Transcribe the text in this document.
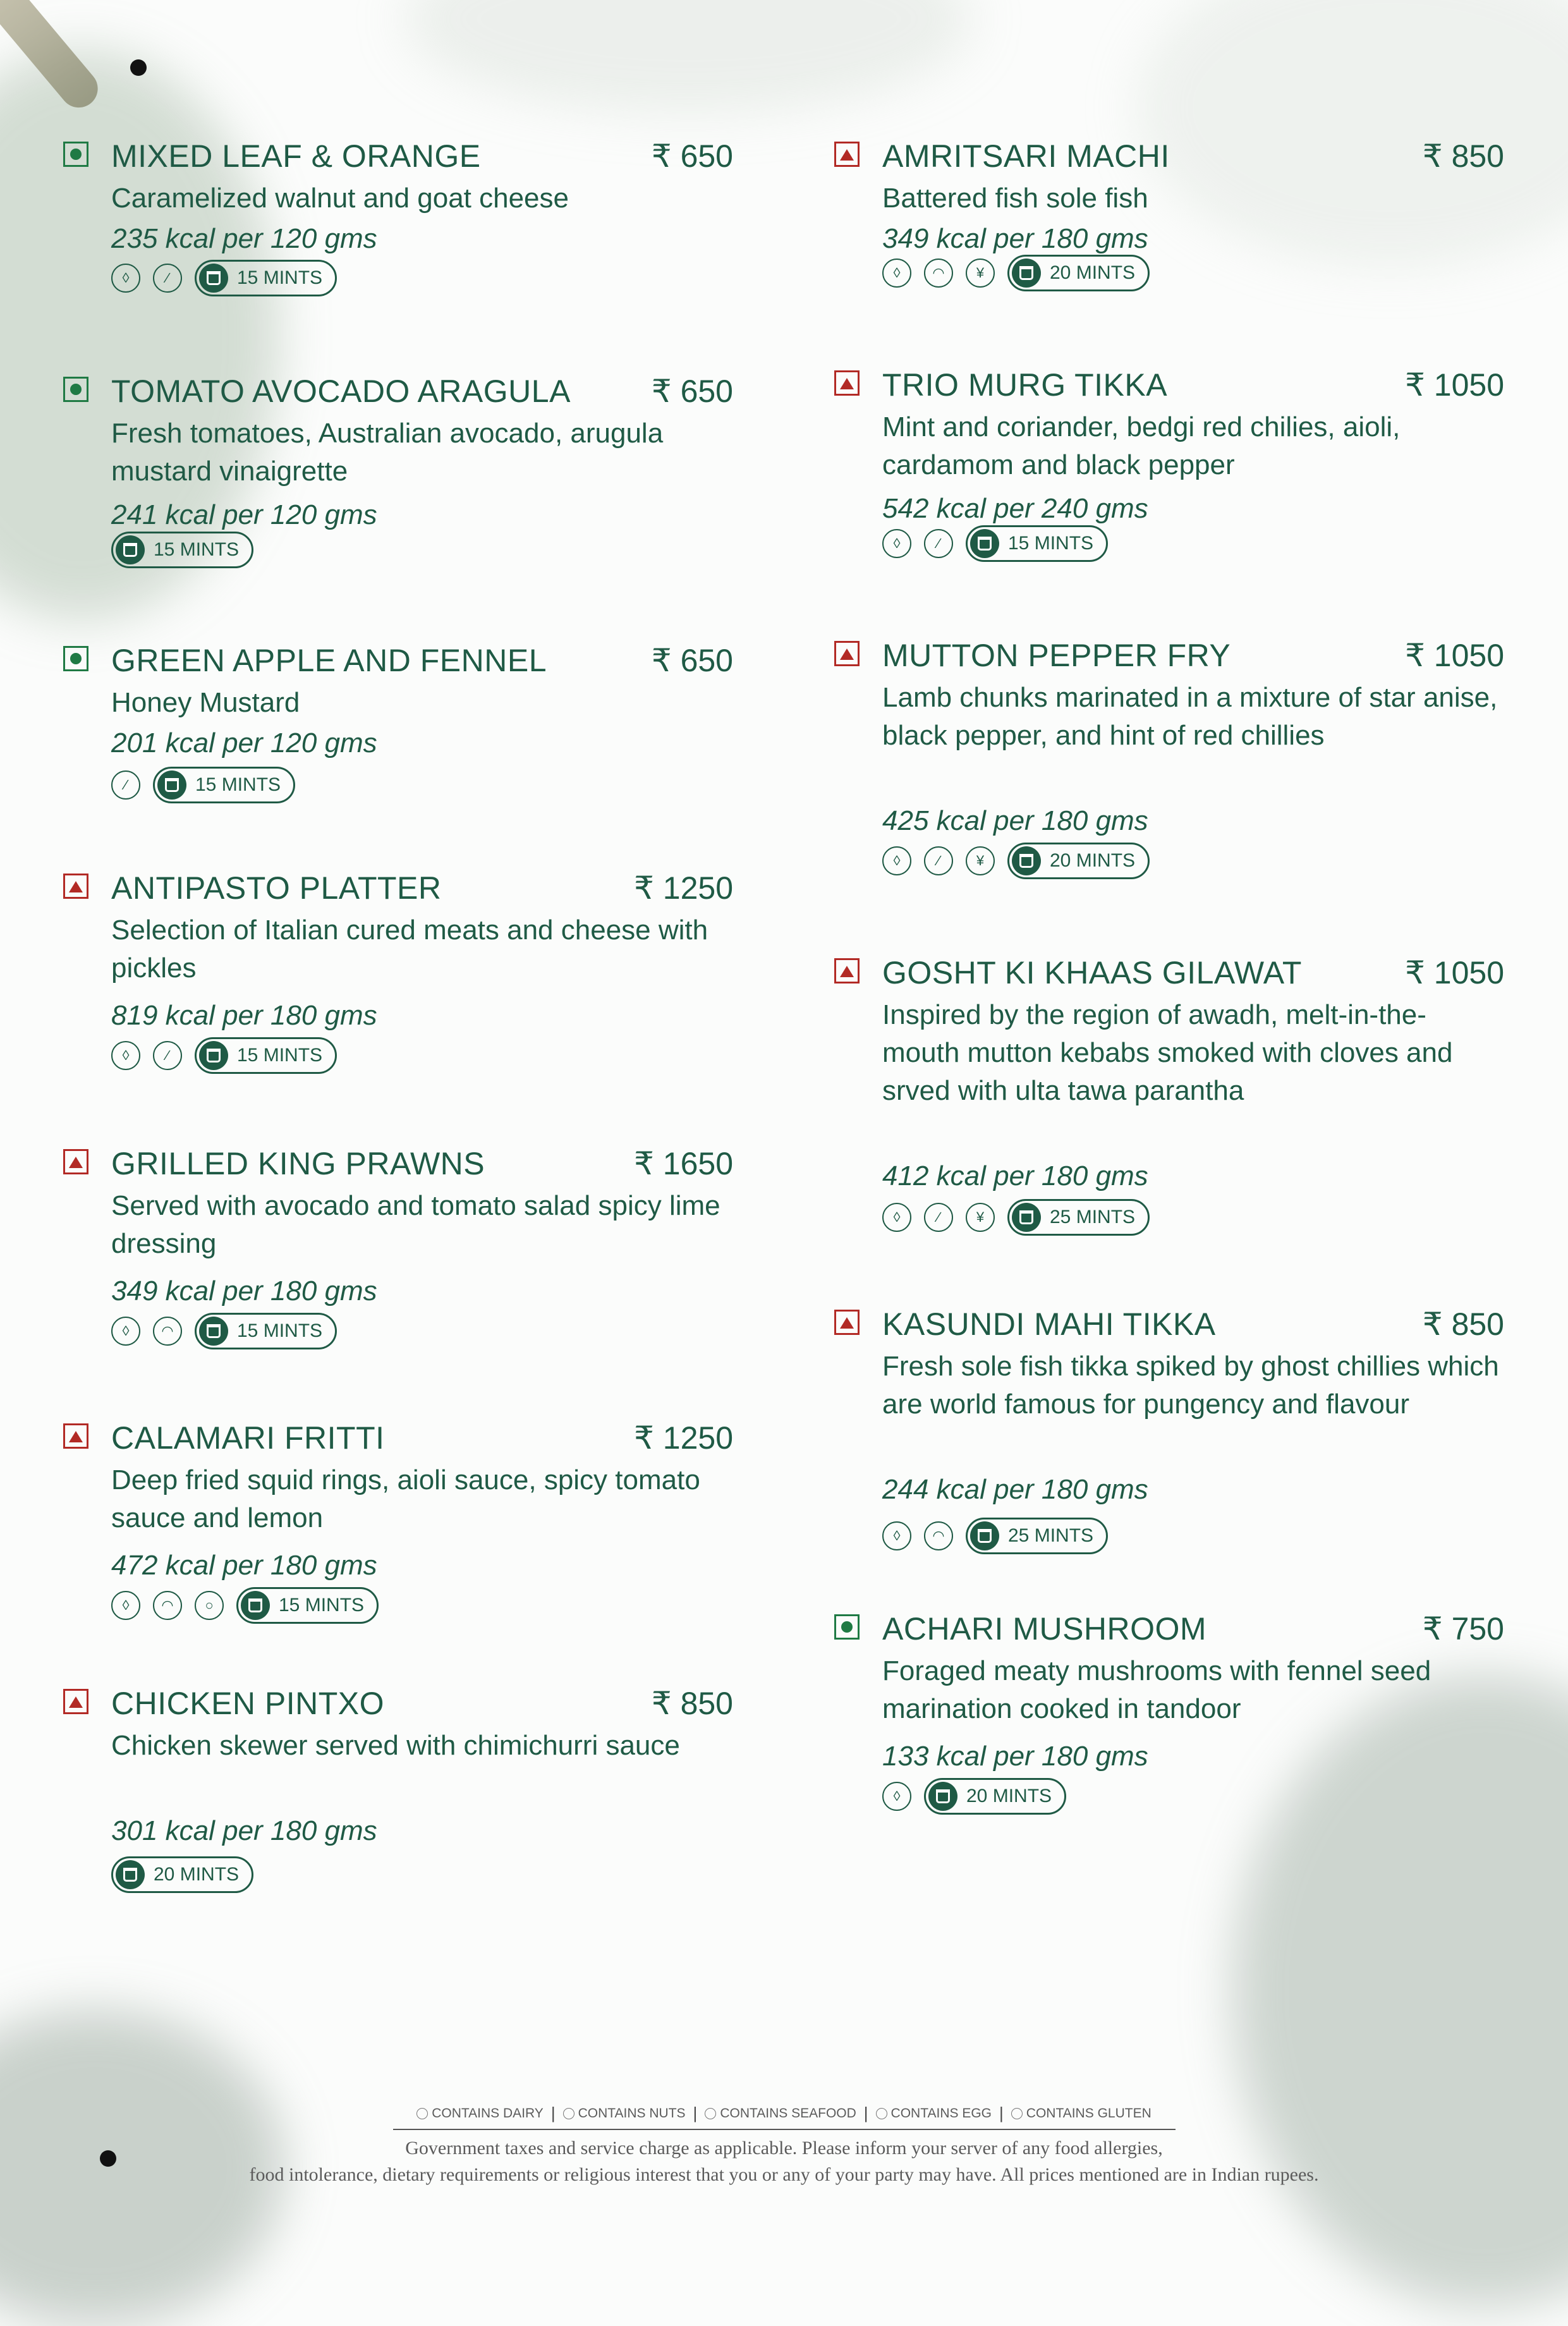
MIXED LEAF & ORANGE	₹ 650
Caramelized walnut and goat cheese
235 kcal per 120 gms
◊	∕	15 MINTS
TOMATO AVOCADO ARAGULA	₹ 650
Fresh tomatoes, Australian avocado, arugula mustard vinaigrette
241 kcal per 120 gms
15 MINTS
GREEN APPLE AND FENNEL	₹ 650
Honey Mustard
201 kcal per 120 gms
∕	15 MINTS
ANTIPASTO PLATTER	₹ 1250
Selection of Italian cured meats and cheese with pickles
819 kcal per 180 gms
◊	∕	15 MINTS
GRILLED KING PRAWNS	₹ 1650
Served with avocado and tomato salad spicy lime dressing
349 kcal per 180 gms
◊	◠	15 MINTS
CALAMARI FRITTI	₹ 1250
Deep fried squid rings, aioli sauce, spicy tomato sauce and lemon
472 kcal per 180 gms
◊	◠	○	15 MINTS
CHICKEN PINTXO	₹ 850
Chicken skewer served with chimichurri sauce
301 kcal per 180 gms
20 MINTS
AMRITSARI MACHI	₹ 850
Battered fish sole fish
349 kcal per 180 gms
◊	◠	¥	20 MINTS
TRIO MURG TIKKA	₹ 1050
Mint and coriander, bedgi red chilies, aioli, cardamom and black pepper
542 kcal per 240 gms
◊	∕	15 MINTS
MUTTON PEPPER FRY	₹ 1050
Lamb chunks marinated in a mixture of star anise, black pepper, and hint of red chillies
425 kcal per 180 gms
◊	∕	¥	20 MINTS
GOSHT KI KHAAS GILAWAT	₹ 1050
Inspired by the region of awadh, melt-in-the-mouth mutton kebabs smoked with cloves and srved with ulta tawa parantha
412 kcal per 180 gms
◊	∕	¥	25 MINTS
KASUNDI MAHI TIKKA	₹ 850
Fresh sole fish tikka spiked by ghost chillies which are world famous for pungency and flavour
244 kcal per 180 gms
◊	◠	25 MINTS
ACHARI MUSHROOM	₹ 750
Foraged meaty mushrooms with fennel seed marination cooked in tandoor
133 kcal per 180 gms
◊	20 MINTS
CONTAINS DAIRY | CONTAINS NUTS | CONTAINS SEAFOOD | CONTAINS EGG | CONTAINS GLUTEN
Government taxes and service charge as applicable. Please inform your server of any food allergies,
food intolerance, dietary requirements or religious interest that you or any of your party may have. All prices mentioned are in Indian rupees.
